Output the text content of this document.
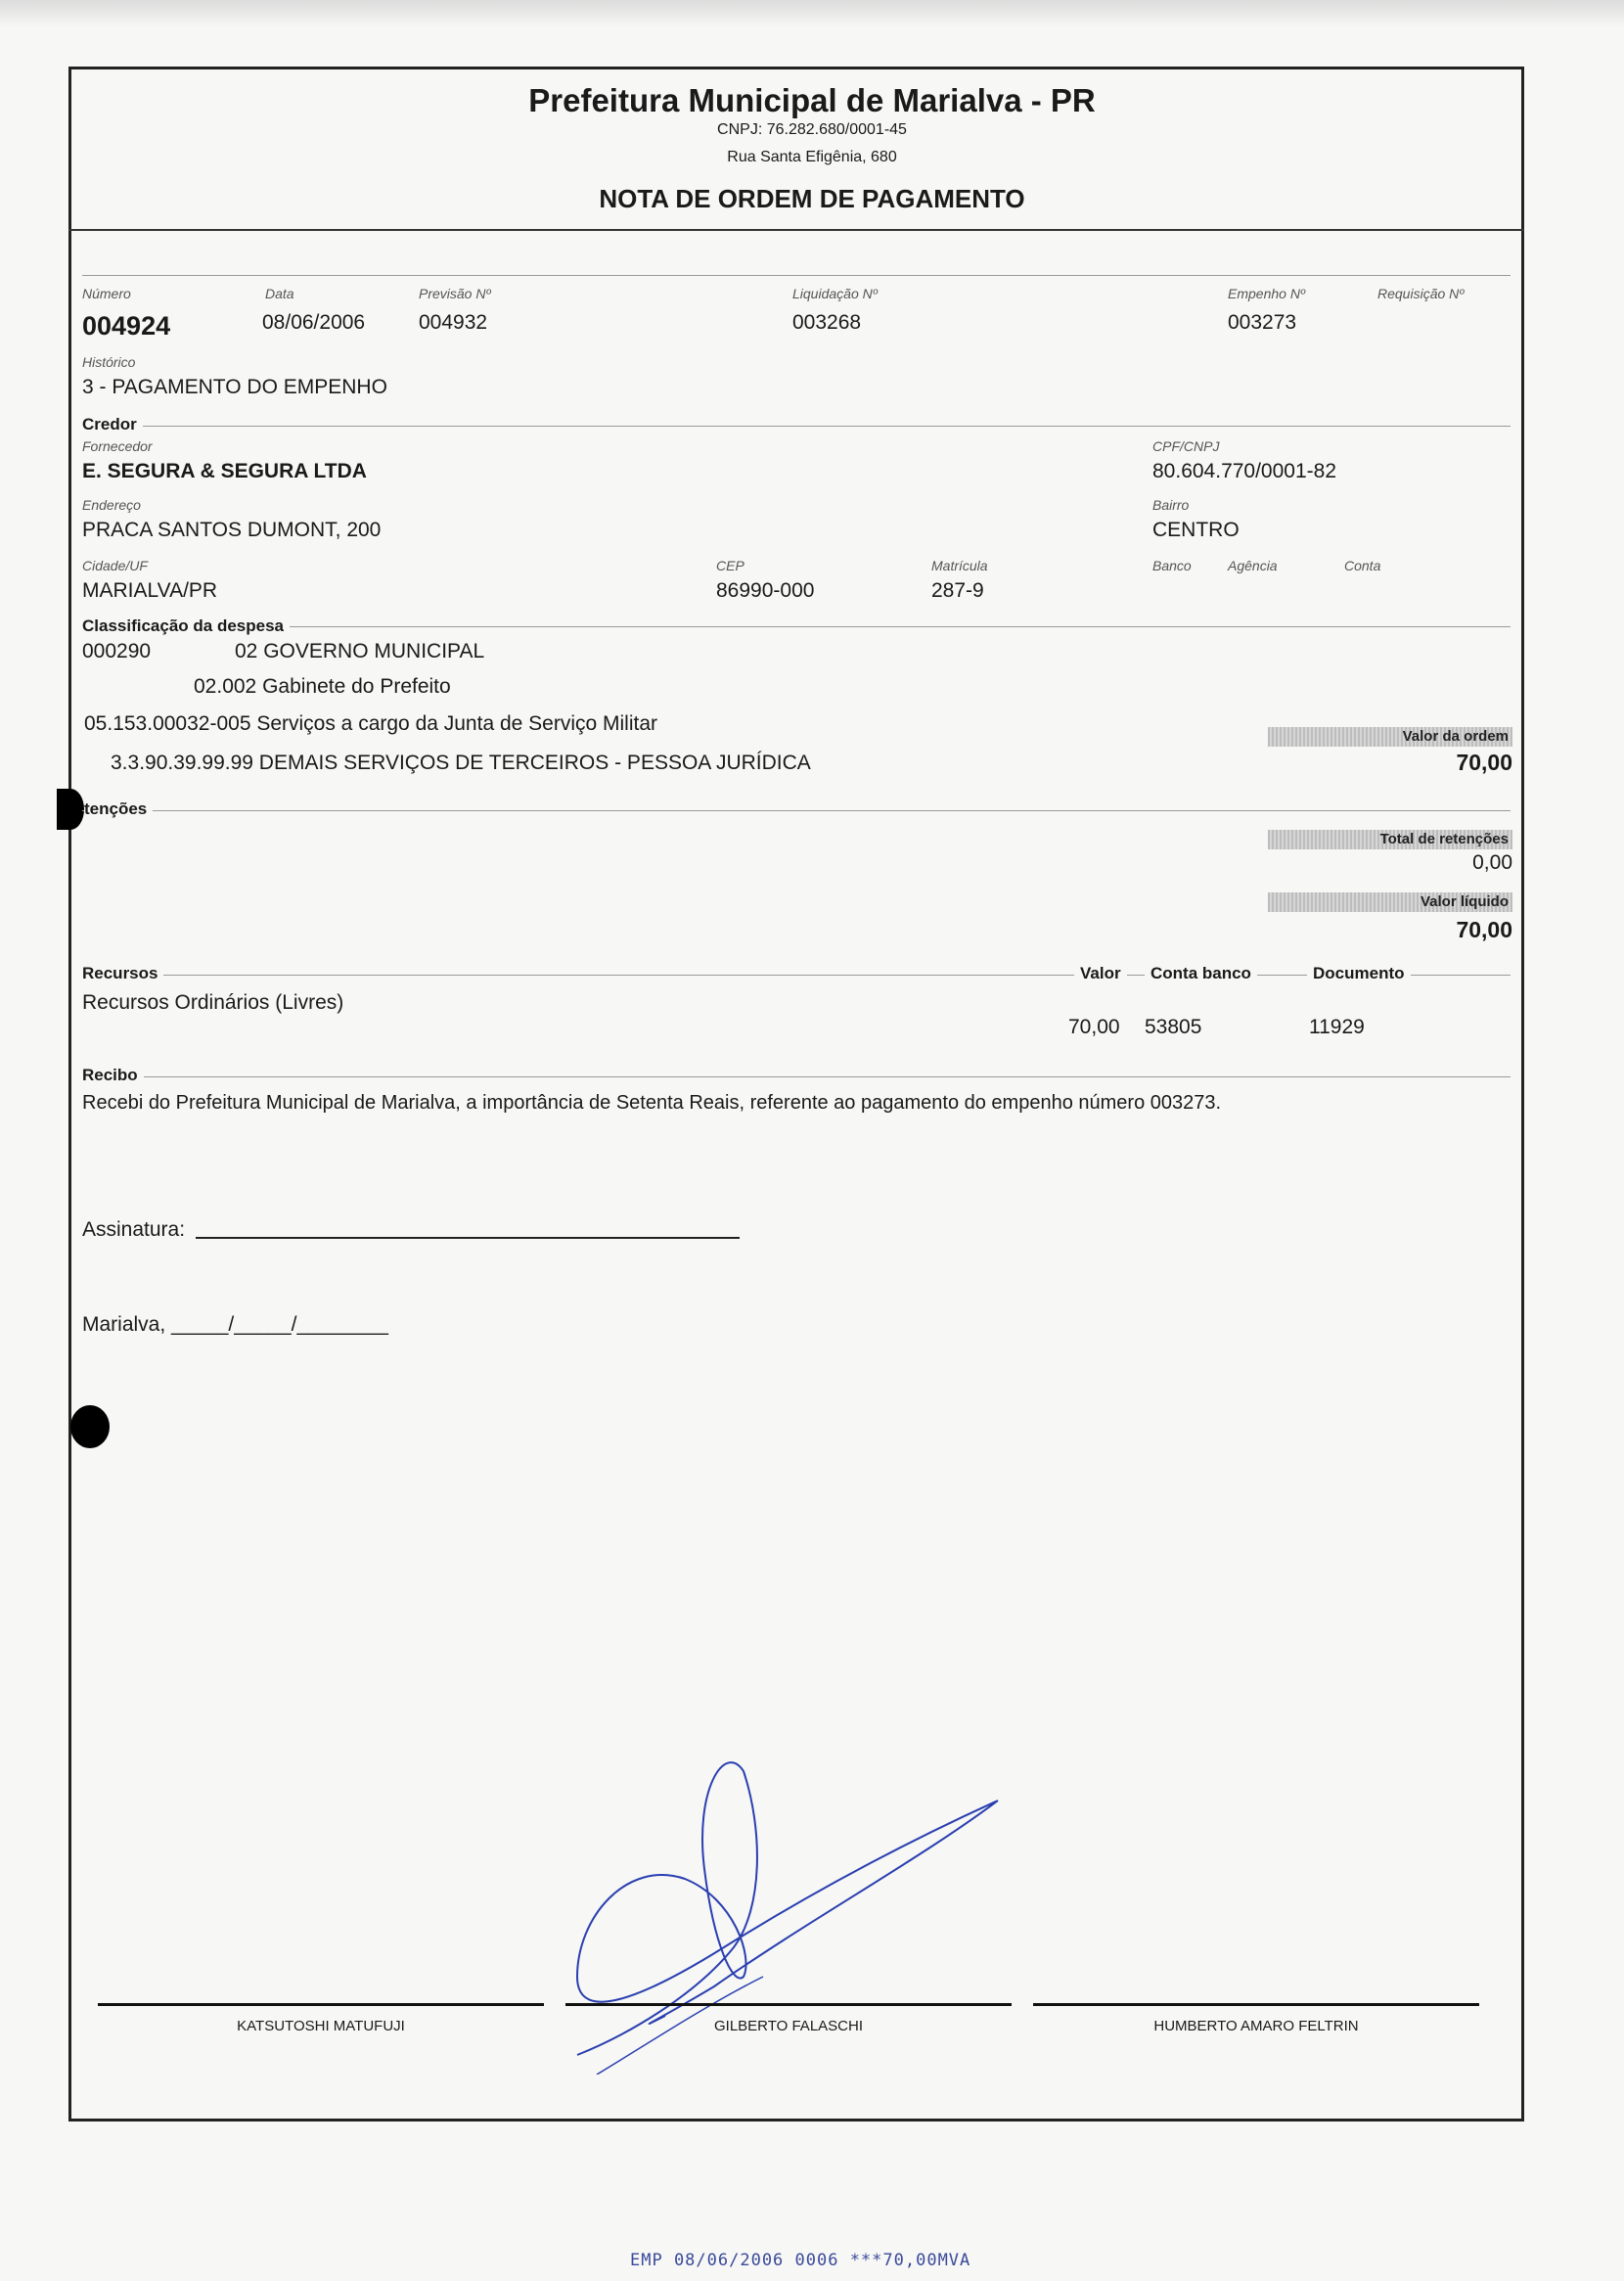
Prefeitura Municipal de Marialva - PR
CNPJ: 76.282.680/0001-45
Rua Santa Efigênia, 680
NOTA DE ORDEM DE PAGAMENTO
Número
004924
Data
08/06/2006
Previsão Nº
004932
Liquidação Nº
003268
Empenho Nº
003273
Requisição Nº
Histórico
3 - PAGAMENTO DO EMPENHO
Credor
Fornecedor
E. SEGURA & SEGURA LTDA
CPF/CNPJ
80.604.770/0001-82
Endereço
PRACA SANTOS DUMONT, 200
Bairro
CENTRO
Cidade/UF
MARIALVA/PR
CEP
86990-000
Matrícula
287-9
Banco	Agência	Conta
Classificação da despesa
000290	02 GOVERNO MUNICIPAL
02.002 Gabinete do Prefeito
05.153.00032-005 Serviços a cargo da Junta de Serviço Militar
3.3.90.39.99.99 DEMAIS SERVIÇOS DE TERCEIROS - PESSOA JURÍDICA
Valor da ordem
70,00
tenções
Total de retenções
0,00
Valor líquido
70,00
Recursos	Valor	Conta banco	Documento
Recursos Ordinários (Livres)
70,00 53805	11929
Recibo
Recebi do Prefeitura Municipal de Marialva, a importância de Setenta Reais, referente ao pagamento do empenho número 003273.
Assinatura:
Marialva, _____/_____/________
KATSUTOSHI MATUFUJI	GILBERTO FALASCHI	HUMBERTO AMARO FELTRIN
EMP 08/06/2006 0006 ***70,00MVA
